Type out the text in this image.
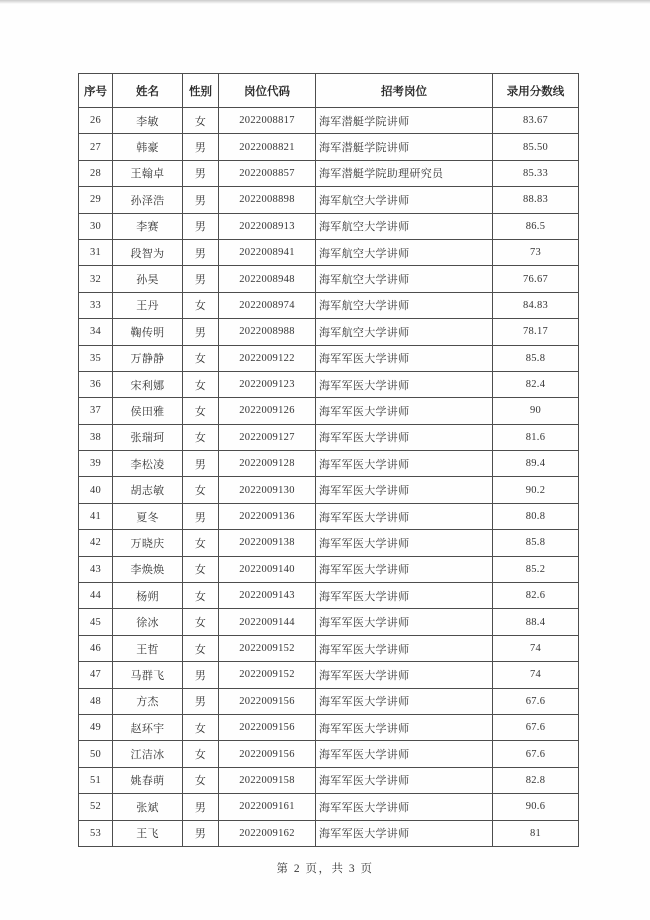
序号	姓名	性别	岗位代码	招考岗位	录用分数线
26	李敏	女	2022008817	海军潜艇学院讲师	83.67
27	韩豪	男	2022008821	海军潜艇学院讲师	85.50
28	王翰卓	男	2022008857	海军潜艇学院助理研究员	85.33
29	孙泽浩	男	2022008898	海军航空大学讲师	88.83
30	李赛	男	2022008913	海军航空大学讲师	86.5
31	段智为	男	2022008941	海军航空大学讲师	73
32	孙昊	男	2022008948	海军航空大学讲师	76.67
33	王丹	女	2022008974	海军航空大学讲师	84.83
34	鞠传明	男	2022008988	海军航空大学讲师	78.17
35	万静静	女	2022009122	海军军医大学讲师	85.8
36	宋利娜	女	2022009123	海军军医大学讲师	82.4
37	侯田雅	女	2022009126	海军军医大学讲师	90
38	张瑞珂	女	2022009127	海军军医大学讲师	81.6
39	李松凌	男	2022009128	海军军医大学讲师	89.4
40	胡志敏	女	2022009130	海军军医大学讲师	90.2
41	夏冬	男	2022009136	海军军医大学讲师	80.8
42	万晓庆	女	2022009138	海军军医大学讲师	85.8
43	李焕焕	女	2022009140	海军军医大学讲师	85.2
44	杨朔	女	2022009143	海军军医大学讲师	82.6
45	徐冰	女	2022009144	海军军医大学讲师	88.4
46	王哲	女	2022009152	海军军医大学讲师	74
47	马群飞	男	2022009152	海军军医大学讲师	74
48	方杰	男	2022009156	海军军医大学讲师	67.6
49	赵环宇	女	2022009156	海军军医大学讲师	67.6
50	江洁冰	女	2022009156	海军军医大学讲师	67.6
51	姚春萌	女	2022009158	海军军医大学讲师	82.8
52	张斌	男	2022009161	海军军医大学讲师	90.6
53	王飞	男	2022009162	海军军医大学讲师	81
第 2 页，共 3 页
